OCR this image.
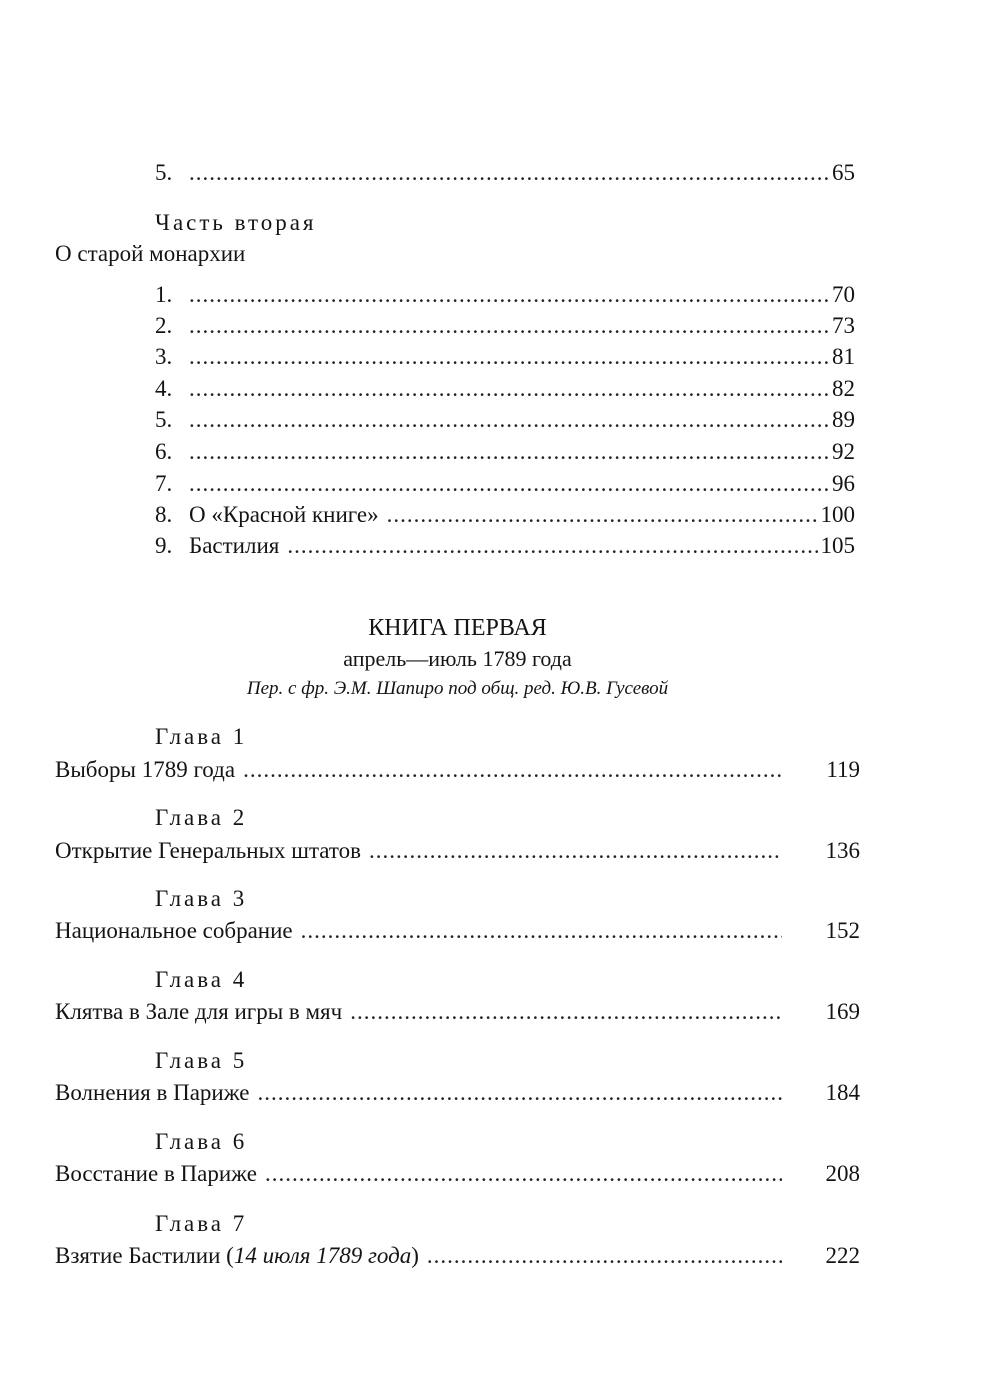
5. .....	65
Часть вторая
О старой монархии
1. .....	70
2. .....	73
3. .....	81
4. .....	82
5. .....	89
6. .....	92
7. .....	96
8. О «Красной книге» .....	100
9. Бастилия .....	105
КНИГА ПЕРВАЯ
апрель—июль 1789 года
Пер. с фр. Э.М. Шапиро под общ. ред. Ю.В. Гусевой
Глава 1
Выборы 1789 года .....	119
Глава 2
Открытие Генеральных штатов .....	136
Глава 3
Национальное собрание .....	152
Глава 4
Клятва в Зале для игры в мяч .....	169
Глава 5
Волнения в Париже .....	184
Глава 6
Восстание в Париже .....	208
Глава 7
Взятие Бастилии (14 июля 1789 года) .....	222
